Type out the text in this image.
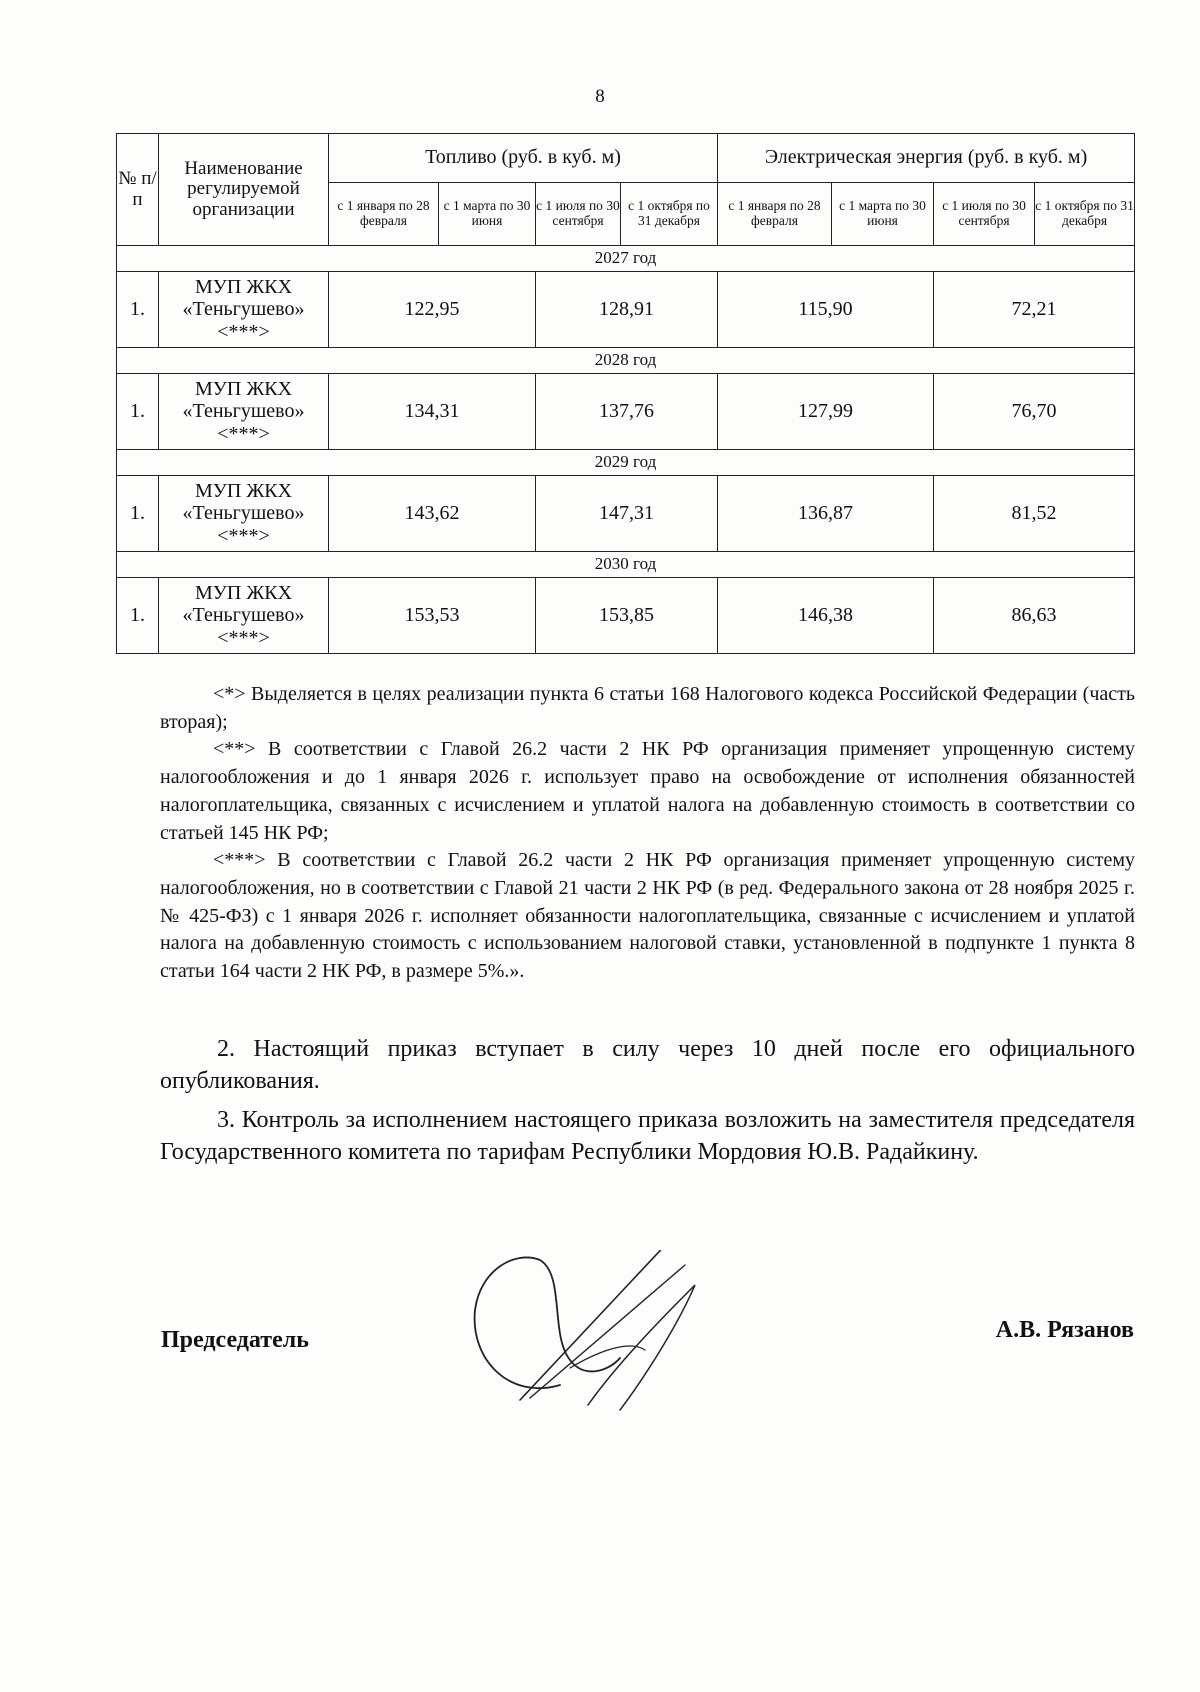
8
№ п/ п	Наименование регулируемой организации	Топливо (руб. в куб. м)				Электрическая энергия (руб. в куб. м)			
		с 1 января по 28 февраля	с 1 марта по 30 июня	с 1 июля по 30 сентября	с 1 октября по 31 декабря	с 1 января по 28 февраля	с 1 марта по 30 июня	с 1 июля по 30 сентября	с 1 октября по 31 декабря
2027 год									
1.	МУП ЖКХ «Теньгушево» <***>	122,95		128,91		115,90		72,21	
2028 год									
1.	МУП ЖКХ «Теньгушево» <***>	134,31		137,76		127,99		76,70	
2029 год									
1.	МУП ЖКХ «Теньгушево» <***>	143,62		147,31		136,87		81,52	
2030 год									
1.	МУП ЖКХ «Теньгушево» <***>	153,53		153,85		146,38		86,63	

<*> Выделяется в целях реализации пункта 6 статьи 168 Налогового кодекса Российской Федерации (часть вторая);

<**> В соответствии с Главой 26.2 части 2 НК РФ организация применяет упрощенную систему налогообложения и до 1 января 2026 г. использует право на освобождение от исполнения обязанностей налогоплательщика, связанных с исчислением и уплатой налога на добавленную стоимость в соответствии со статьей 145 НК РФ;

<***> В соответствии с Главой 26.2 части 2 НК РФ организация применяет упрощенную систему налогообложения, но в соответствии с Главой 21 части 2 НК РФ (в ред. Федерального закона от 28 ноября 2025 г. № 425-ФЗ) с 1 января 2026 г. исполняет обязанности налогоплательщика, связанные с исчислением и уплатой налога на добавленную стоимость с использованием налоговой ставки, установленной в подпункте 1 пункта 8 статьи 164 части 2 НК РФ, в размере 5%.».

2. Настоящий приказ вступает в силу через 10 дней после его официального опубликования.

3. Контроль за исполнением настоящего приказа возложить на заместителя председателя Государственного комитета по тарифам Республики Мордовия Ю.В. Радайкину.

Председатель	А.В. Рязанов
